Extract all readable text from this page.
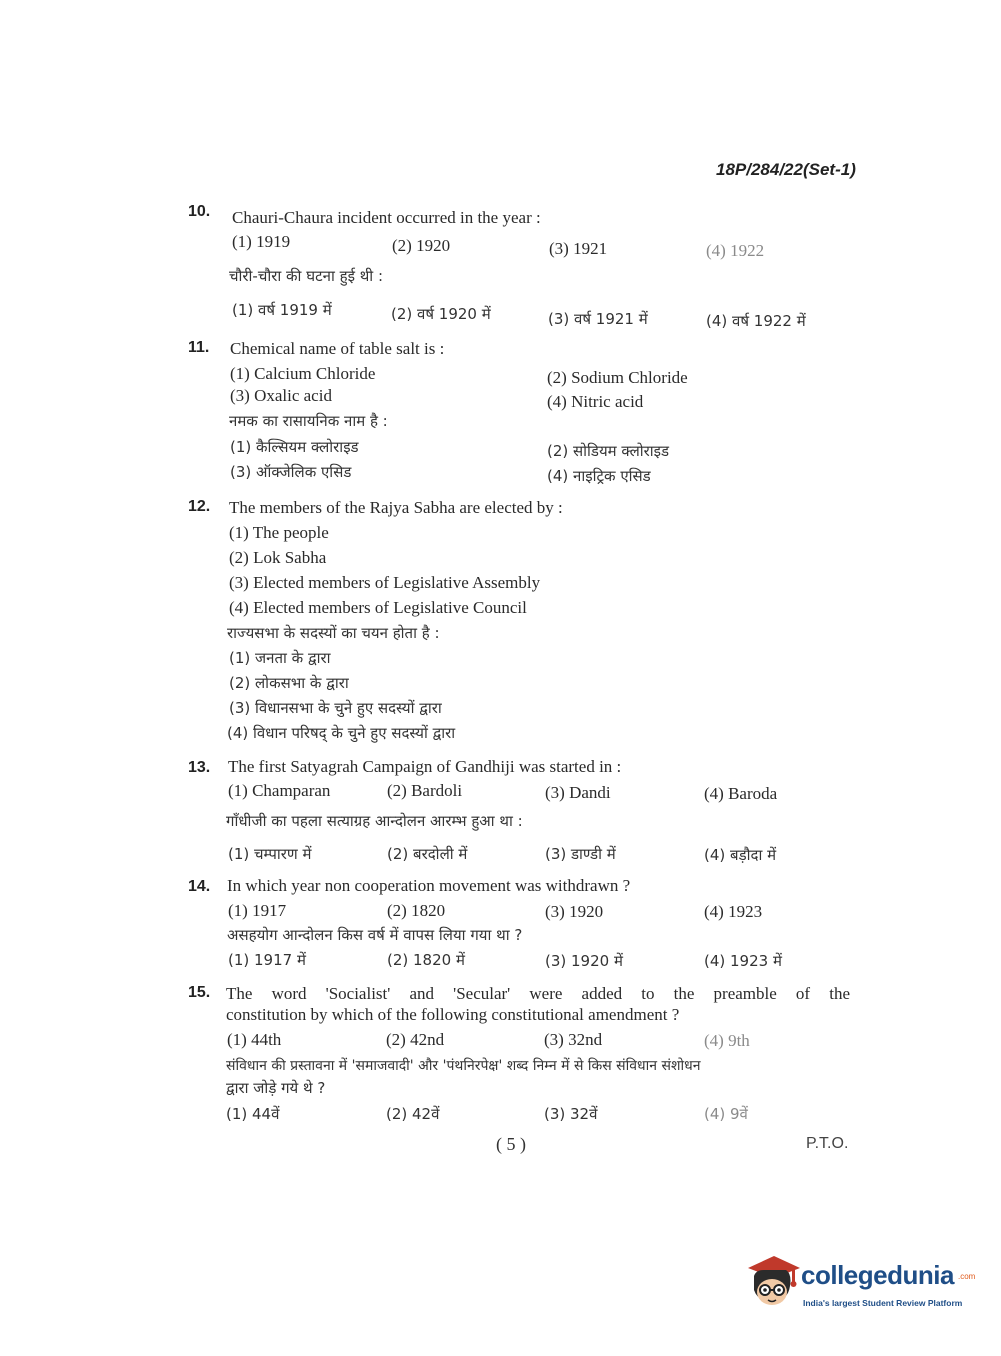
18P/284/22(Set-1)
10. Chauri-Chaura incident occurred in the year :
(1) 1919	(2) 1920	(3) 1921	(4) 1922
चौरी-चौरा की घटना हुई थी :
(1) वर्ष 1919 में	(2) वर्ष 1920 में	(3) वर्ष 1921 में	(4) वर्ष 1922 में
11. Chemical name of table salt is :
(1) Calcium Chloride	(2) Sodium Chloride
(3) Oxalic acid	(4) Nitric acid
नमक का रासायनिक नाम है :
(1) कैल्सियम क्लोराइड	(2) सोडियम क्लोराइड
(3) ऑक्जेलिक एसिड	(4) नाइट्रिक एसिड
12. The members of the Rajya Sabha are elected by :
(1) The people
(2) Lok Sabha
(3) Elected members of Legislative Assembly
(4) Elected members of Legislative Council
राज्यसभा के सदस्यों का चयन होता है :
(1) जनता के द्वारा
(2) लोकसभा के द्वारा
(3) विधानसभा के चुने हुए सदस्यों द्वारा
(4) विधान परिषद् के चुने हुए सदस्यों द्वारा
13. The first Satyagrah Campaign of Gandhiji was started in :
(1) Champaran	(2) Bardoli	(3) Dandi	(4) Baroda
गाँधीजी का पहला सत्याग्रह आन्दोलन आरम्भ हुआ था :
(1) चम्पारण में	(2) बरदोली में	(3) डाण्डी में	(4) बड़ौदा में
14. In which year non cooperation movement was withdrawn ?
(1) 1917	(2) 1820	(3) 1920	(4) 1923
असहयोग आन्दोलन किस वर्ष में वापस लिया गया था ?
(1) 1917 में	(2) 1820 में	(3) 1920 में	(4) 1923 में
15. The word 'Socialist' and 'Secular' were added to the preamble of the
constitution by which of the following constitutional amendment ?
(1) 44th	(2) 42nd	(3) 32nd	(4) 9th
संविधान की प्रस्तावना में 'समाजवादी' और 'पंथनिरपेक्ष' शब्द निम्न में से किस संविधान संशोधन
द्वारा जोड़े गये थे ?
(1) 44वें	(2) 42वें	(3) 32वें	(4) 9वें
( 5 )	P.T.O.
collegedunia .com
India's largest Student Review Platform
